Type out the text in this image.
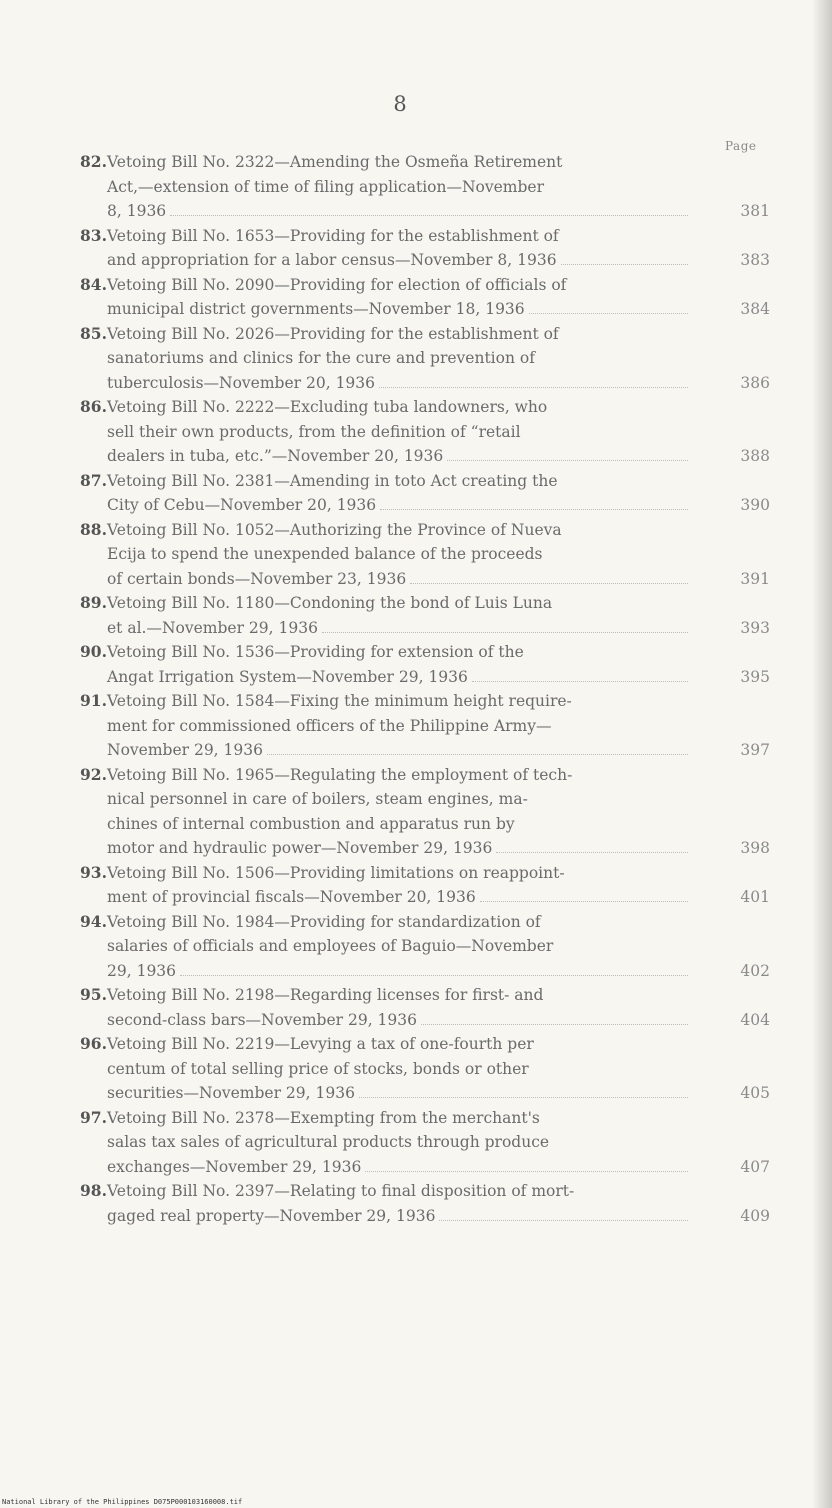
8
Page
82. Vetoing Bill No. 2322—Amending the Osmeña Retirement
Act,—extension of time of filing application—November
8, 1936	381
83. Vetoing Bill No. 1653—Providing for the establishment of
and appropriation for a labor census—November 8, 1936	383
84. Vetoing Bill No. 2090—Providing for election of officials of
municipal district governments—November 18, 1936	384
85. Vetoing Bill No. 2026—Providing for the establishment of
sanatoriums and clinics for the cure and prevention of
tuberculosis—November 20, 1936	386
86. Vetoing Bill No. 2222—Excluding tuba landowners, who
sell their own products, from the definition of “retail
dealers in tuba, etc.”—November 20, 1936	388
87. Vetoing Bill No. 2381—Amending in toto Act creating the
City of Cebu—November 20, 1936	390
88. Vetoing Bill No. 1052—Authorizing the Province of Nueva
Ecija to spend the unexpended balance of the proceeds
of certain bonds—November 23, 1936	391
89. Vetoing Bill No. 1180—Condoning the bond of Luis Luna
et al.—November 29, 1936	393
90. Vetoing Bill No. 1536—Providing for extension of the
Angat Irrigation System—November 29, 1936	395
91. Vetoing Bill No. 1584—Fixing the minimum height require-
ment for commissioned officers of the Philippine Army—
November 29, 1936	397
92. Vetoing Bill No. 1965—Regulating the employment of tech-
nical personnel in care of boilers, steam engines, ma-
chines of internal combustion and apparatus run by
motor and hydraulic power—November 29, 1936	398
93. Vetoing Bill No. 1506—Providing limitations on reappoint-
ment of provincial fiscals—November 20, 1936	401
94. Vetoing Bill No. 1984—Providing for standardization of
salaries of officials and employees of Baguio—November
29, 1936	402
95. Vetoing Bill No. 2198—Regarding licenses for first- and
second-class bars—November 29, 1936	404
96. Vetoing Bill No. 2219—Levying a tax of one-fourth per
centum of total selling price of stocks, bonds or other
securities—November 29, 1936	405
97. Vetoing Bill No. 2378—Exempting from the merchant's
salas tax sales of agricultural products through produce
exchanges—November 29, 1936	407
98. Vetoing Bill No. 2397—Relating to final disposition of mort-
gaged real property—November 29, 1936	409
National Library of the Philippines D075P000103160008.tif
